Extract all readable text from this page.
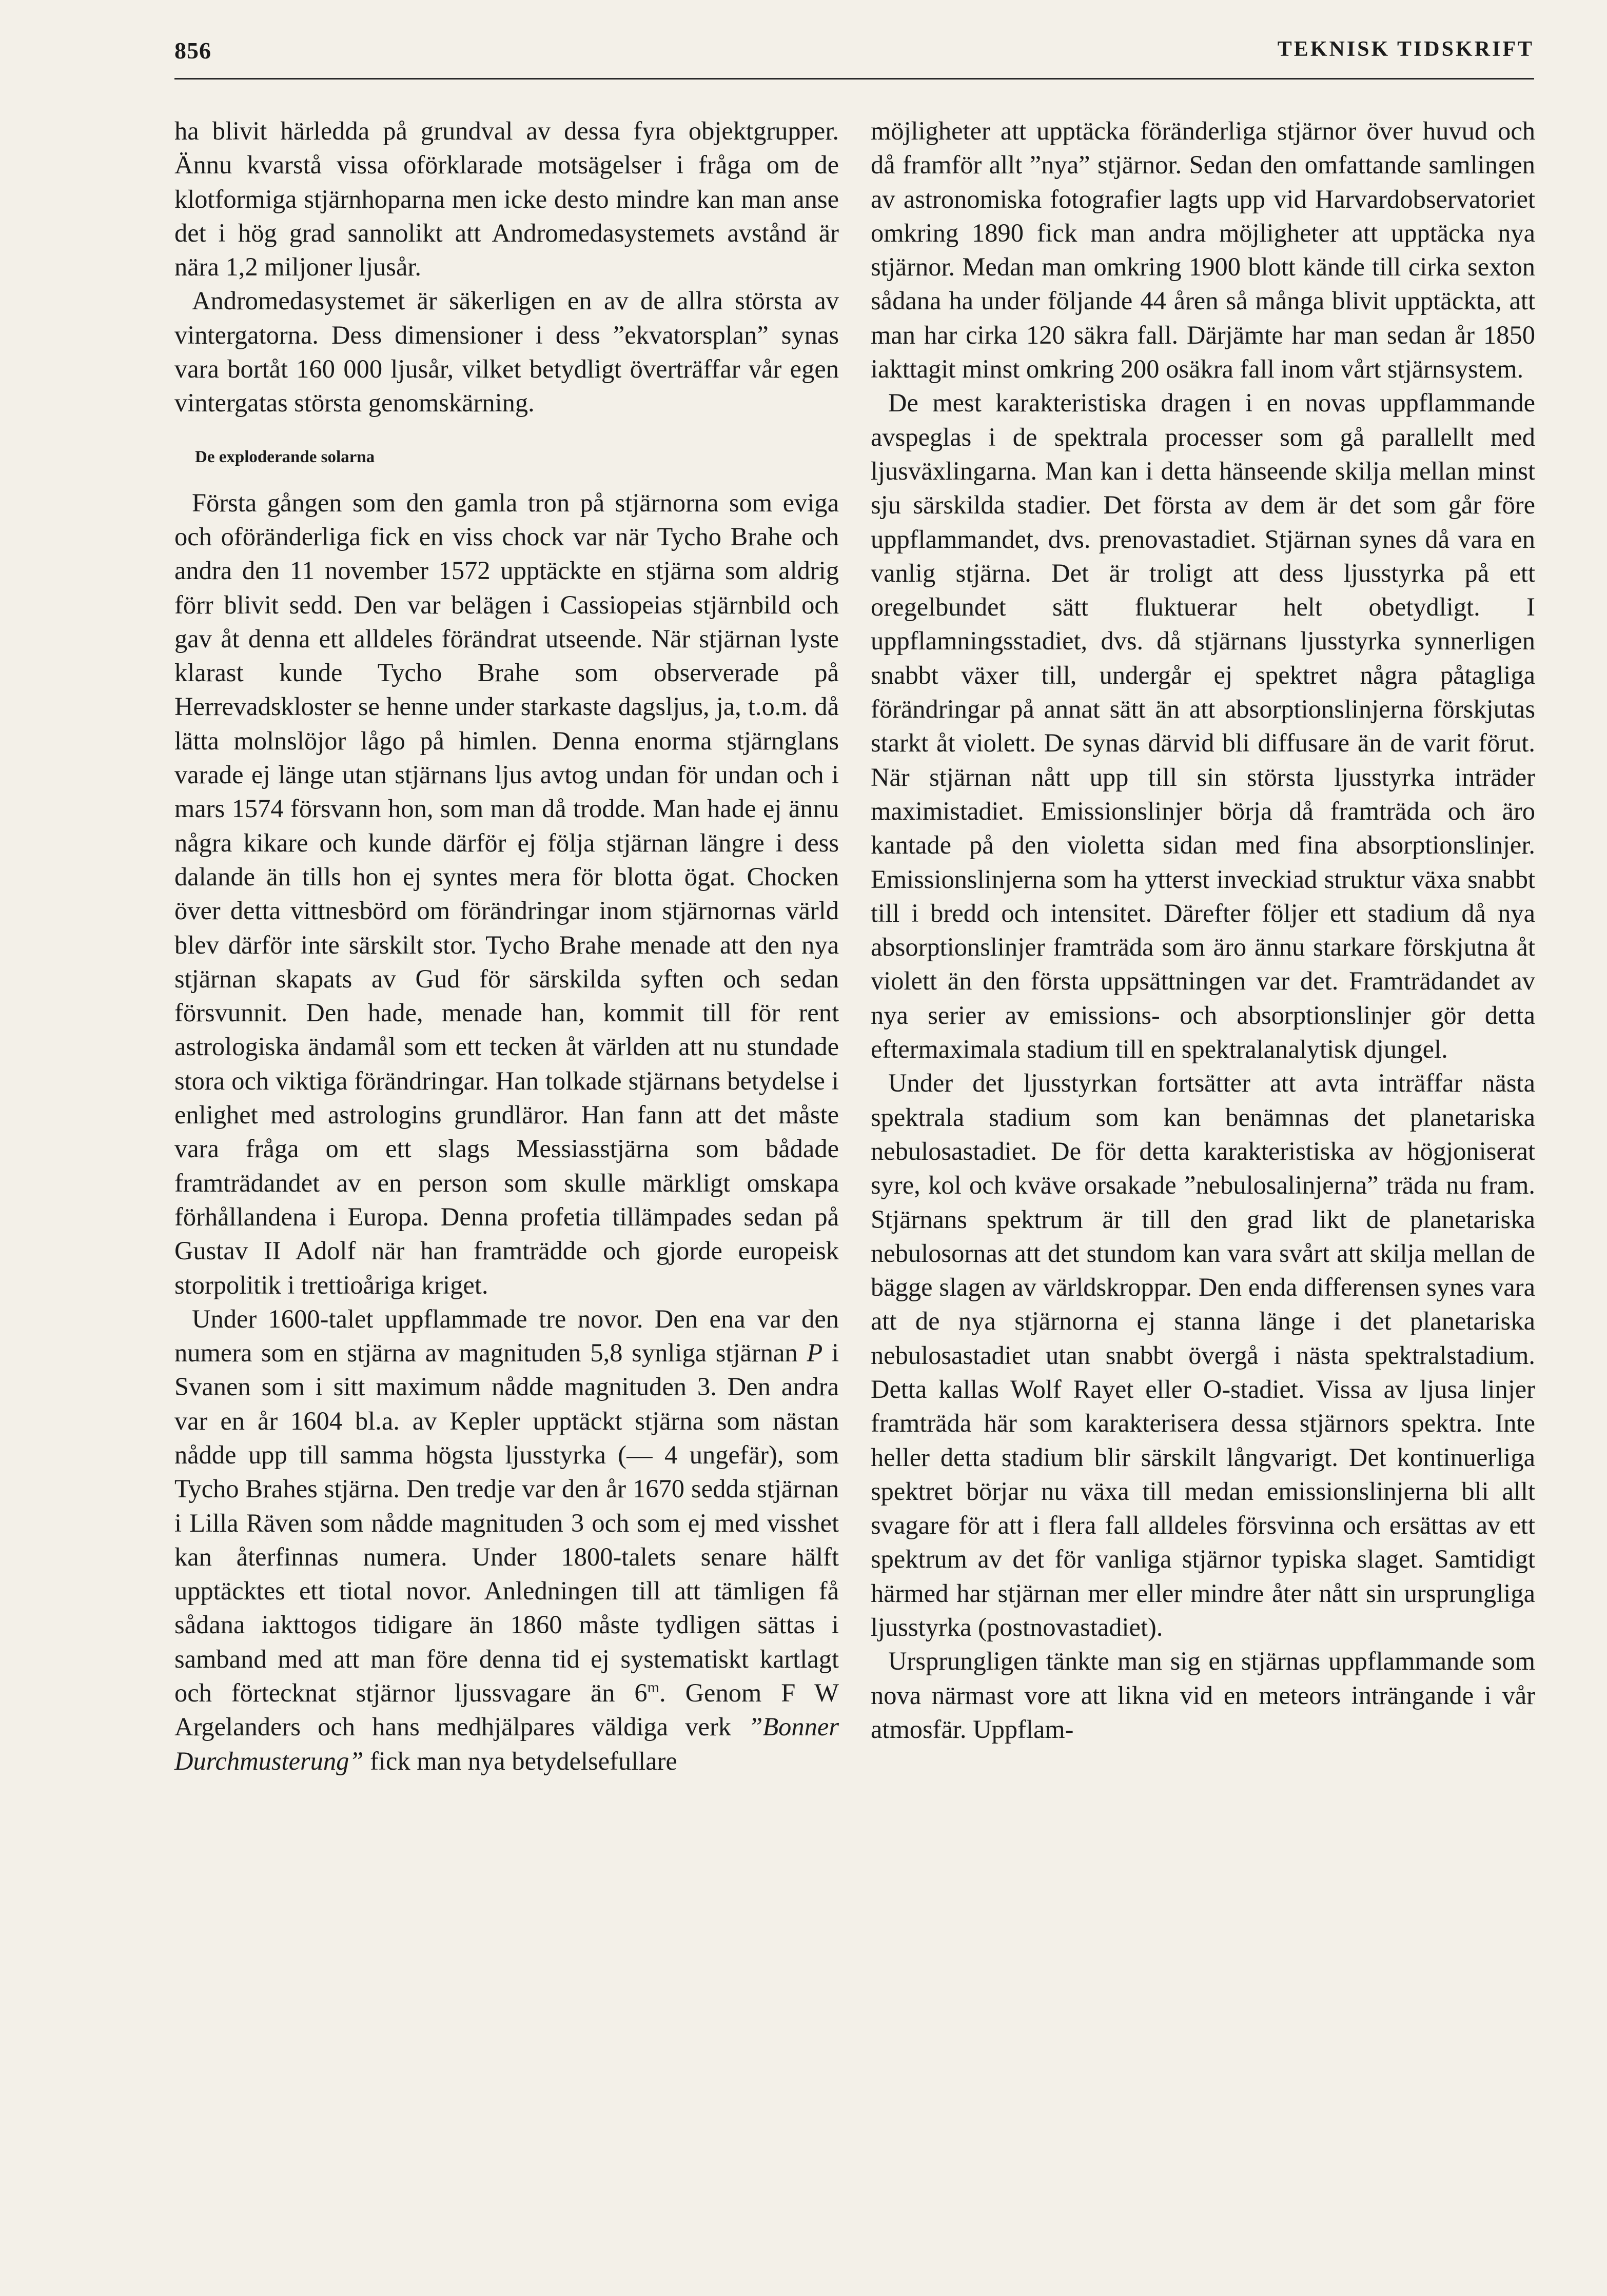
856	TEKNISK TIDSKRIFT

ha blivit härledda på grundval av dessa fyra objektgrupper. Ännu kvarstå vissa oförklarade motsägelser i fråga om de klotformiga stjärnhoparna men icke desto mindre kan man anse det i hög grad sannolikt att Andromedasystemets avstånd är nära 1,2 miljoner ljusår.

Andromedasystemet är säkerligen en av de allra största av vintergatorna. Dess dimensioner i dess ”ekvatorsplan” synas vara bortåt 160 000 ljusår, vilket betydligt överträffar vår egen vintergatas största genomskärning.

De exploderande solarna

Första gången som den gamla tron på stjärnorna som eviga och oföränderliga fick en viss chock var när Tycho Brahe och andra den 11 november 1572 upptäckte en stjärna som aldrig förr blivit sedd. Den var belägen i Cassiopeias stjärnbild och gav åt denna ett alldeles förändrat utseende. När stjärnan lyste klarast kunde Tycho Brahe som observerade på Herrevadskloster se henne under starkaste dagsljus, ja, t.o.m. då lätta molnslöjor lågo på himlen. Denna enorma stjärnglans varade ej länge utan stjärnans ljus avtog undan för undan och i mars 1574 försvann hon, som man då trodde. Man hade ej ännu några kikare och kunde därför ej följa stjärnan längre i dess dalande än tills hon ej syntes mera för blotta ögat. Chocken över detta vittnesbörd om förändringar inom stjärnornas värld blev därför inte särskilt stor. Tycho Brahe menade att den nya stjärnan skapats av Gud för särskilda syften och sedan försvunnit. Den hade, menade han, kommit till för rent astrologiska ändamål som ett tecken åt världen att nu stundade stora och viktiga förändringar. Han tolkade stjärnans betydelse i enlighet med astrologins grundläror. Han fann att det måste vara fråga om ett slags Messiasstjärna som bådade framträdandet av en person som skulle märkligt omskapa förhållandena i Europa. Denna profetia tillämpades sedan på Gustav II Adolf när han framträdde och gjorde europeisk storpolitik i trettioåriga kriget.

Under 1600-talet uppflammade tre novor. Den ena var den numera som en stjärna av magnituden 5,8 synliga stjärnan P i Svanen som i sitt maximum nådde magnituden 3. Den andra var en år 1604 bl.a. av Kepler upptäckt stjärna som nästan nådde upp till samma högsta ljusstyrka (— 4 ungefär), som Tycho Brahes stjärna. Den tredje var den år 1670 sedda stjärnan i Lilla Räven som nådde magnituden 3 och som ej med visshet kan återfinnas numera. Under 1800-talets senare hälft upptäcktes ett tiotal novor. Anledningen till att tämligen få sådana iakttogos tidigare än 1860 måste tydligen sättas i samband med att man före denna tid ej systematiskt kartlagt och förtecknat stjärnor ljussvagare än 6$^m$. Genom F W Argelanders och hans medhjälpares väldiga verk ”Bonner Durchmusterung” fick man nya betydelsefullare

möjligheter att upptäcka föränderliga stjärnor över huvud och då framför allt ”nya” stjärnor. Sedan den omfattande samlingen av astronomiska fotografier lagts upp vid Harvardobservatoriet omkring 1890 fick man andra möjligheter att upptäcka nya stjärnor. Medan man omkring 1900 blott kände till cirka sexton sådana ha under följande 44 åren så många blivit upptäckta, att man har cirka 120 säkra fall. Därjämte har man sedan år 1850 iakttagit minst omkring 200 osäkra fall inom vårt stjärnsystem.

De mest karakteristiska dragen i en novas uppflammande avspeglas i de spektrala processer som gå parallellt med ljusväxlingarna. Man kan i detta hänseende skilja mellan minst sju särskilda stadier. Det första av dem är det som går före uppflammandet, dvs. prenovastadiet. Stjärnan synes då vara en vanlig stjärna. Det är troligt att dess ljusstyrka på ett oregelbundet sätt fluktuerar helt obetydligt. I uppflamningsstadiet, dvs. då stjärnans ljusstyrka synnerligen snabbt växer till, undergår ej spektret några påtagliga förändringar på annat sätt än att absorptionslinjerna förskjutas starkt åt violett. De synas därvid bli diffusare än de varit förut. När stjärnan nått upp till sin största ljusstyrka inträder maximistadiet. Emissionslinjer börja då framträda och äro kantade på den violetta sidan med fina absorptionslinjer. Emissionslinjerna som ha ytterst inveckiad struktur växa snabbt till i bredd och intensitet. Därefter följer ett stadium då nya absorptionslinjer framträda som äro ännu starkare förskjutna åt violett än den första uppsättningen var det. Framträdandet av nya serier av emissions- och absorptionslinjer gör detta eftermaximala stadium till en spektralanalytisk djungel.

Under det ljusstyrkan fortsätter att avta inträffar nästa spektrala stadium som kan benämnas det planetariska nebulosastadiet. De för detta karakteristiska av högjoniserat syre, kol och kväve orsakade ”nebulosalinjerna” träda nu fram. Stjärnans spektrum är till den grad likt de planetariska nebulosornas att det stundom kan vara svårt att skilja mellan de bägge slagen av världskroppar. Den enda differensen synes vara att de nya stjärnorna ej stanna länge i det planetariska nebulosastadiet utan snabbt övergå i nästa spektralstadium. Detta kallas Wolf Rayet eller O-stadiet. Vissa av ljusa linjer framträda här som karakterisera dessa stjärnors spektra. Inte heller detta stadium blir särskilt långvarigt. Det kontinuerliga spektret börjar nu växa till medan emissionslinjerna bli allt svagare för att i flera fall alldeles försvinna och ersättas av ett spektrum av det för vanliga stjärnor typiska slaget. Samtidigt härmed har stjärnan mer eller mindre åter nått sin ursprungliga ljusstyrka (postnovastadiet).

Ursprungligen tänkte man sig en stjärnas uppflammande som nova närmast vore att likna vid en meteors inträngande i vår atmosfär. Uppflam-
